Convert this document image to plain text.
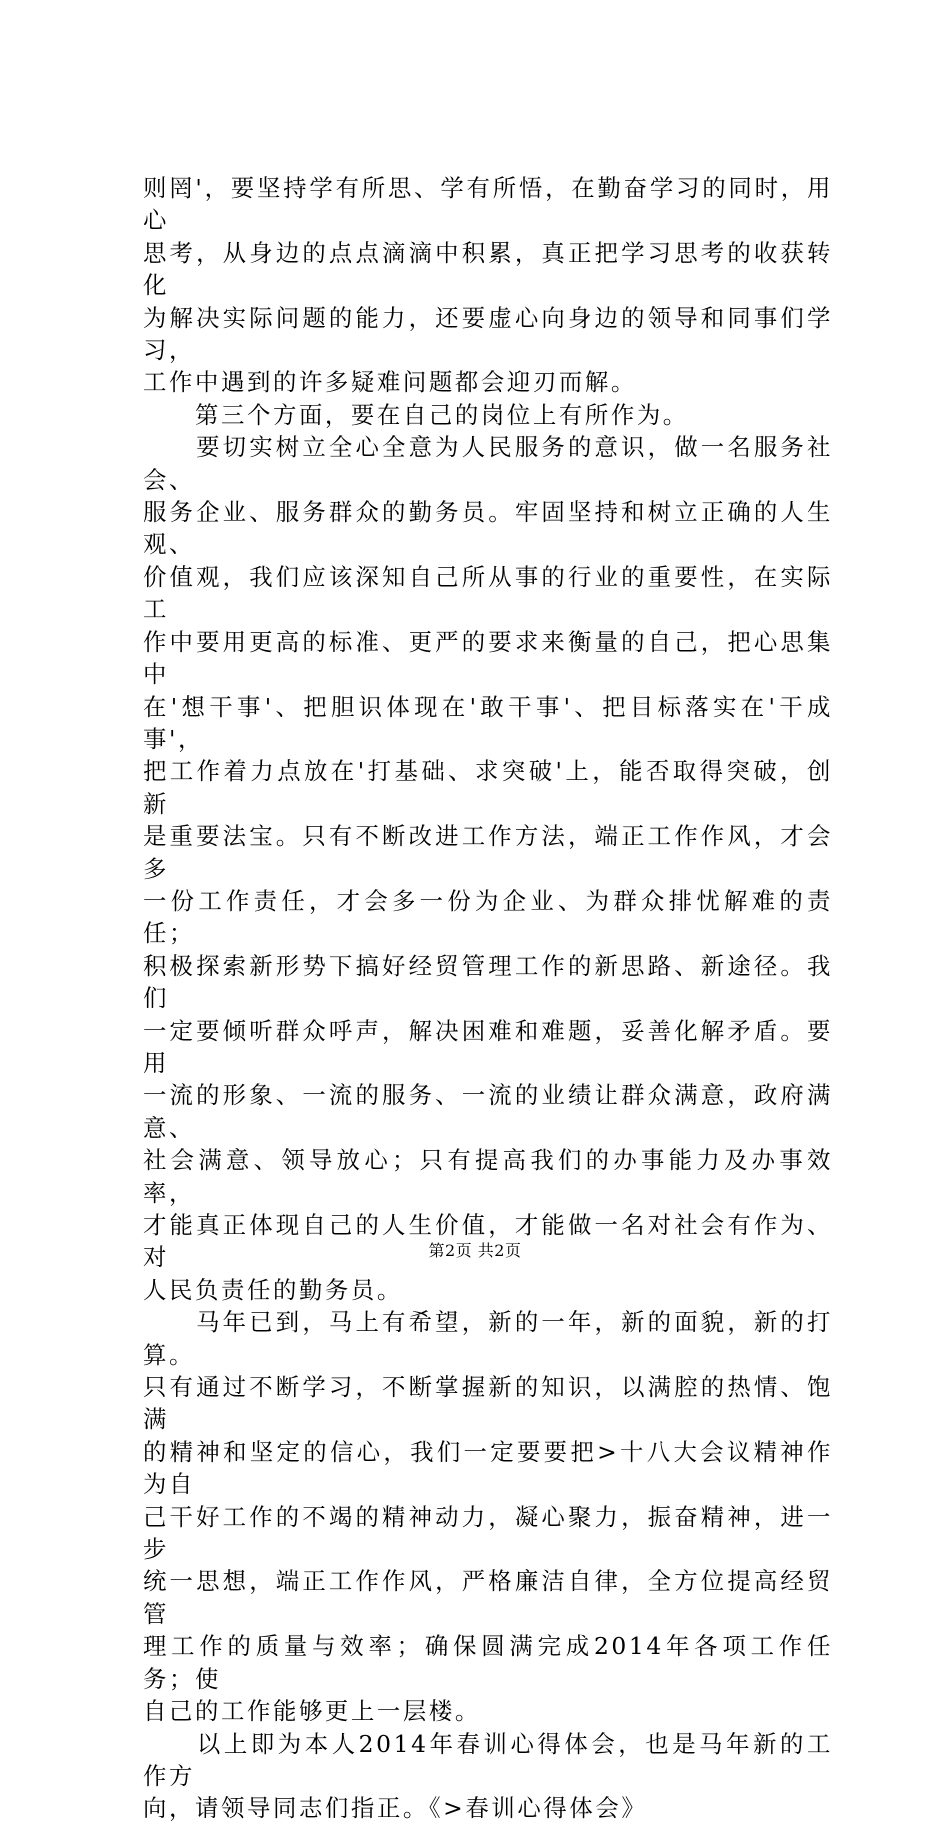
则罔'，要坚持学有所思、学有所悟，在勤奋学习的同时，用心
思考，从身边的点点滴滴中积累，真正把学习思考的收获转化
为解决实际问题的能力，还要虚心向身边的领导和同事们学习，
工作中遇到的许多疑难问题都会迎刃而解。

　　第三个方面，要在自己的岗位上有所作为。

　　要切实树立全心全意为人民服务的意识，做一名服务社会、
服务企业、服务群众的勤务员。牢固坚持和树立正确的人生观、
价值观，我们应该深知自己所从事的行业的重要性，在实际工
作中要用更高的标准、更严的要求来衡量的自己，把心思集中
在'想干事'、把胆识体现在'敢干事'、把目标落实在'干成事'，
把工作着力点放在'打基础、求突破'上，能否取得突破，创新
是重要法宝。只有不断改进工作方法，端正工作作风，才会多
一份工作责任，才会多一份为企业、为群众排忧解难的责任；
积极探索新形势下搞好经贸管理工作的新思路、新途径。我们
一定要倾听群众呼声，解决困难和难题，妥善化解矛盾。要用
一流的形象、一流的服务、一流的业绩让群众满意，政府满意、
社会满意、领导放心；只有提高我们的办事能力及办事效率，
才能真正体现自己的人生价值，才能做一名对社会有作为、对
人民负责任的勤务员。

　　马年已到，马上有希望，新的一年，新的面貌，新的打算。
只有通过不断学习，不断掌握新的知识，以满腔的热情、饱满
的精神和坚定的信心，我们一定要要把>十八大会议精神作为自
己干好工作的不竭的精神动力，凝心聚力，振奋精神，进一步
统一思想，端正工作作风，严格廉洁自律，全方位提高经贸管
理工作的质量与效率；确保圆满完成2014年各项工作任务；使
自己的工作能够更上一层楼。

　　以上即为本人2014年春训心得体会，也是马年新的工作方
向，请领导同志们指正。《>春训心得体会》

第2页 共2页
